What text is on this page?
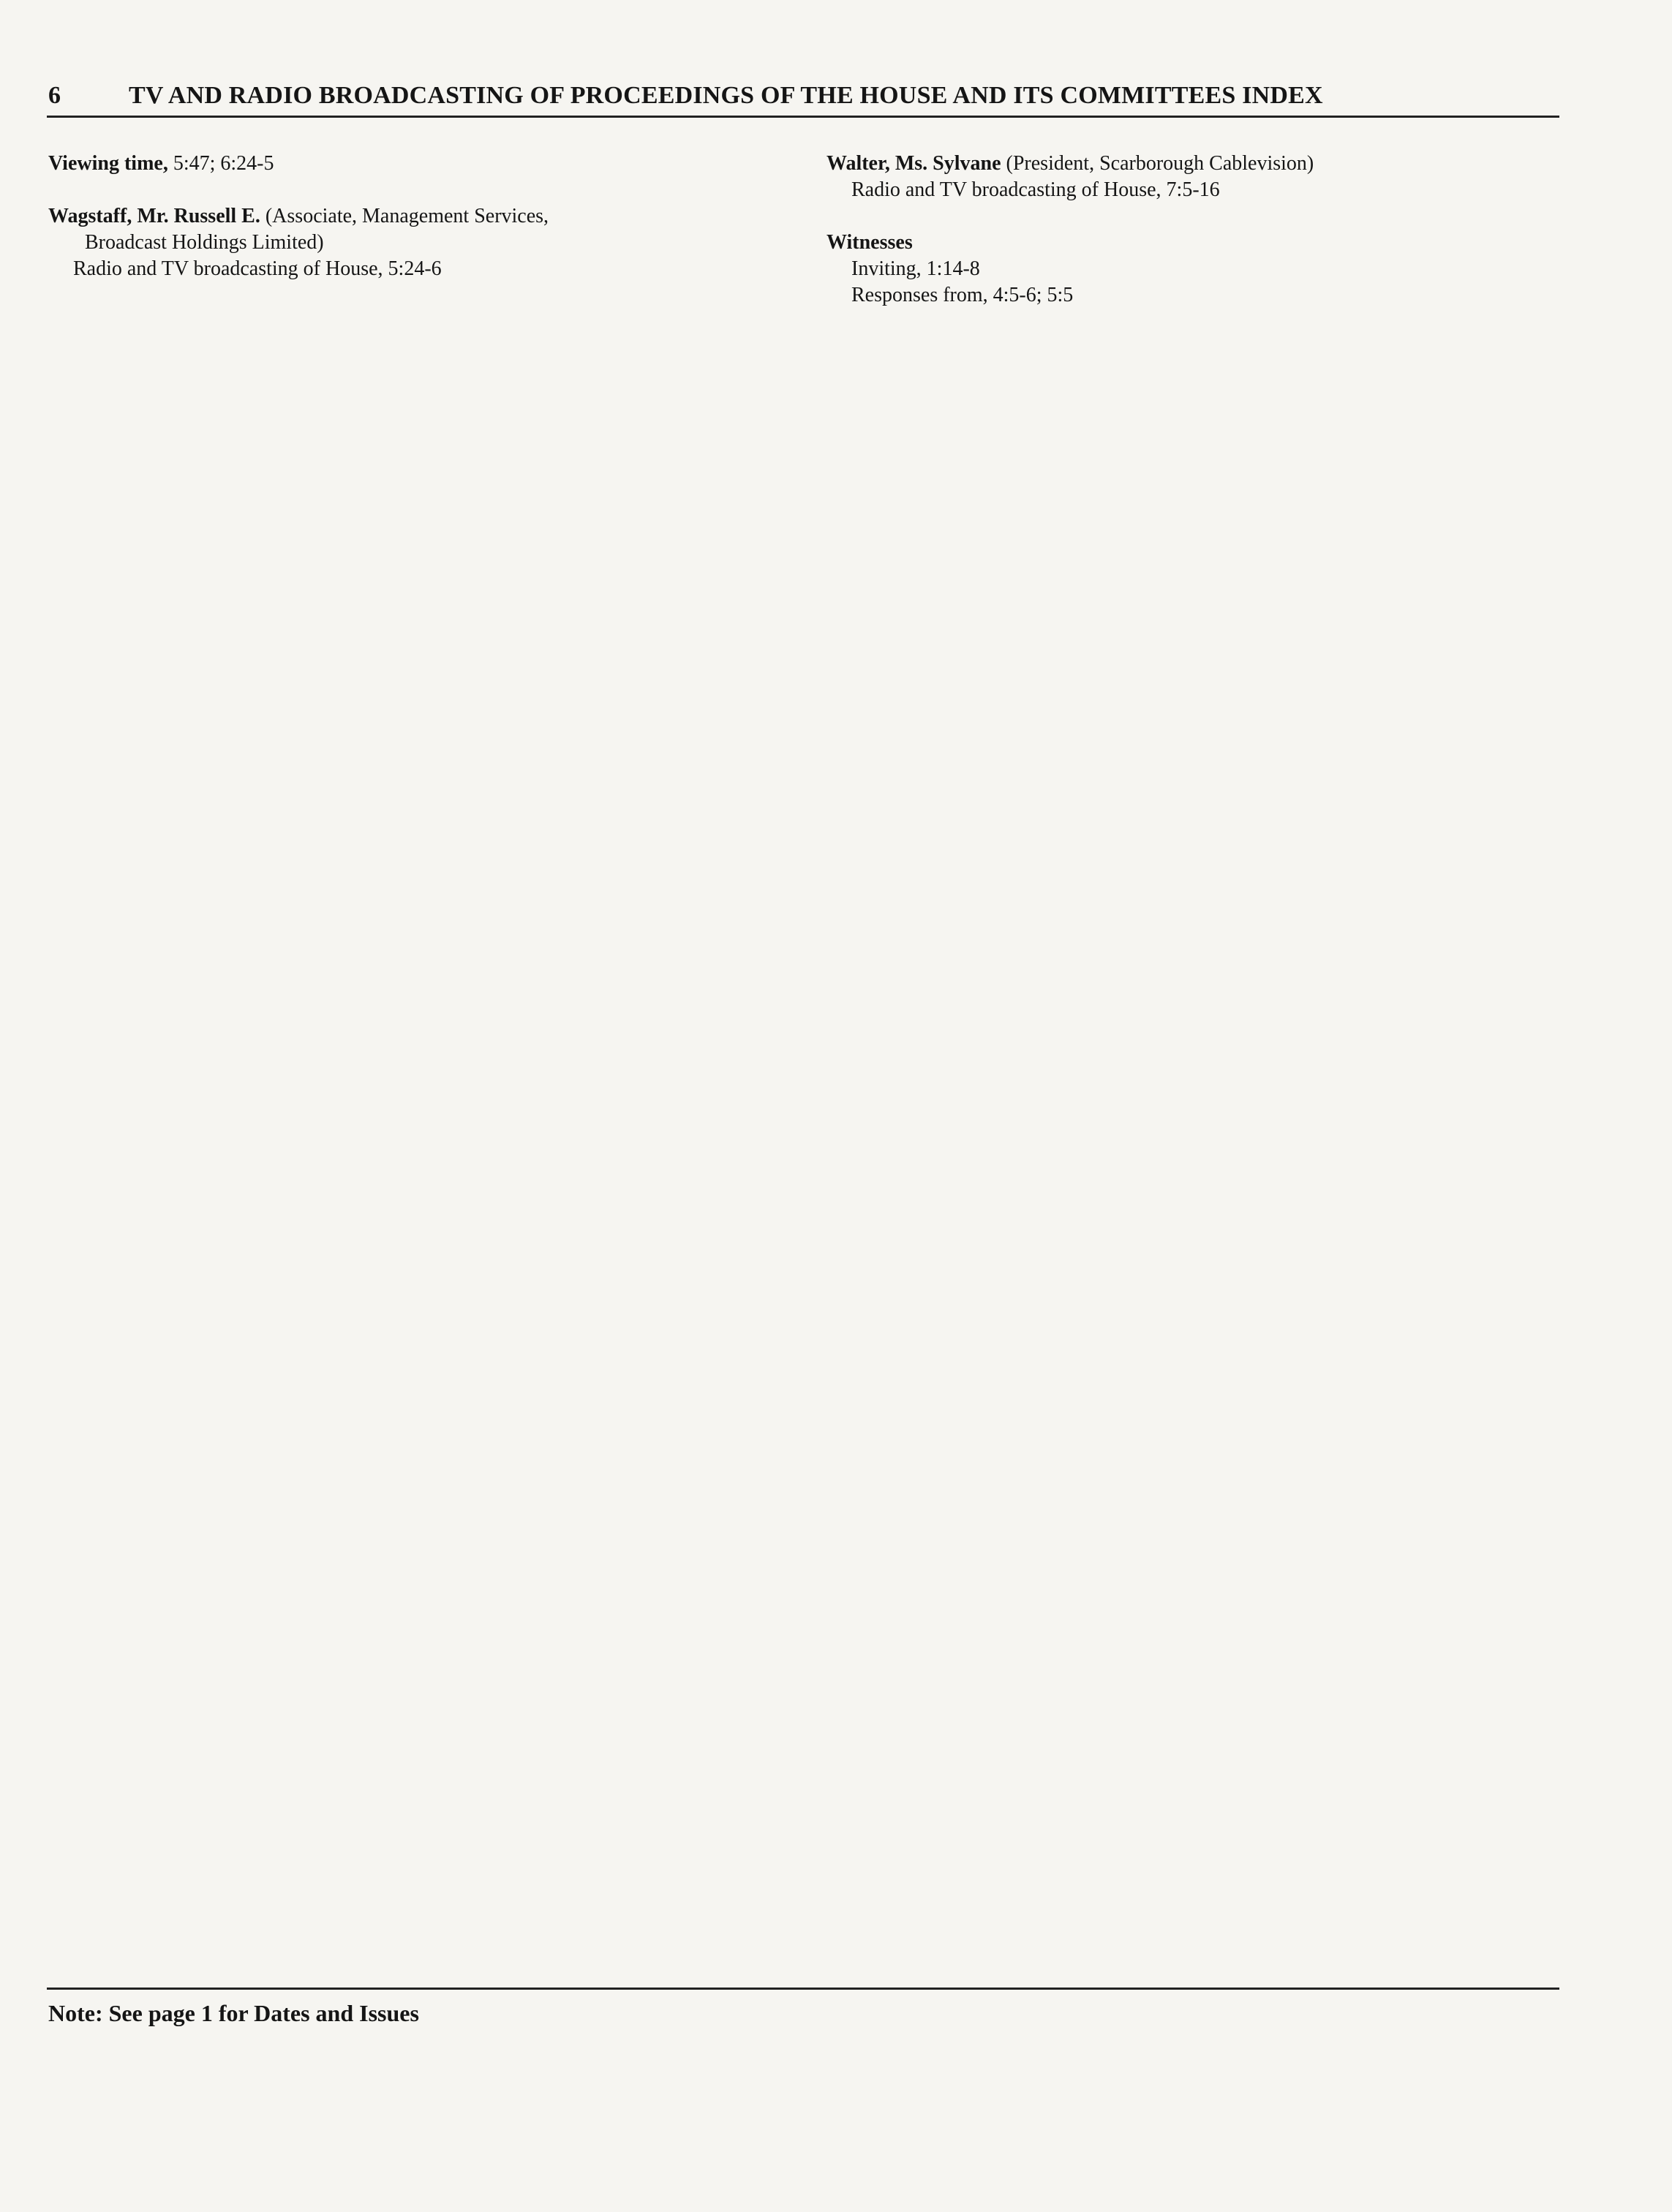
6	TV AND RADIO BROADCASTING OF PROCEEDINGS OF THE HOUSE AND ITS COMMITTEES INDEX
Viewing time, 5:47; 6:24-5
Wagstaff, Mr. Russell E. (Associate, Management Services,
Broadcast Holdings Limited)
Radio and TV broadcasting of House, 5:24-6
Walter, Ms. Sylvane (President, Scarborough Cablevision)
Radio and TV broadcasting of House, 7:5-16
Witnesses
Inviting, 1:14-8
Responses from, 4:5-6; 5:5
Note: See page 1 for Dates and Issues
